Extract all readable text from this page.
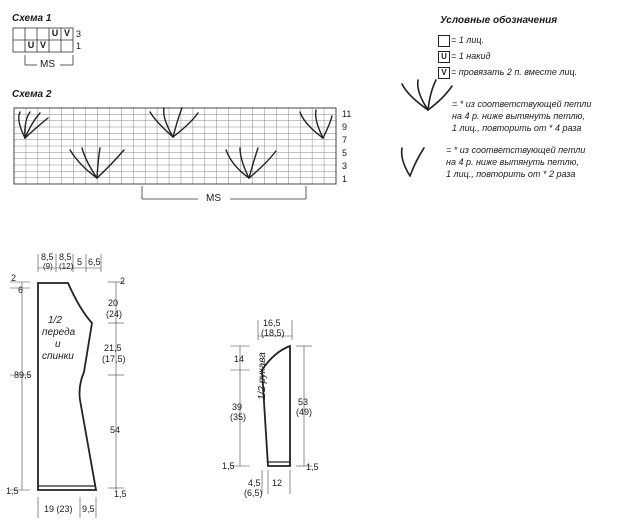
Схема 1
U V
U V
3
1
MS
Схема 2
11
9
7
5
3
1
MS
Условные обозначения
= 1 лиц.
U = 1 накид
V = провязать 2 п. вместе лиц.
= * из соответствующей петли
на 4 р. ниже вытянуть петлю,
1 лиц., повторить от * 4 раза
= * из соответствующей петли
на 4 р. ниже вытянуть петлю,
1 лиц., повторить от * 2 раза
8,5
(9)
8,5
(12) 5 6,5
2
6
89,5
1,5
2
20
(24)
21,5
(17,5)
54
1,5
19 (23) 9,5
1/2
переда
и
спинки
16,5
(18,5)
14
39
(35)
1,5
53
(49)
1,5
4,5
(6,5)
12
1/2 рукава
